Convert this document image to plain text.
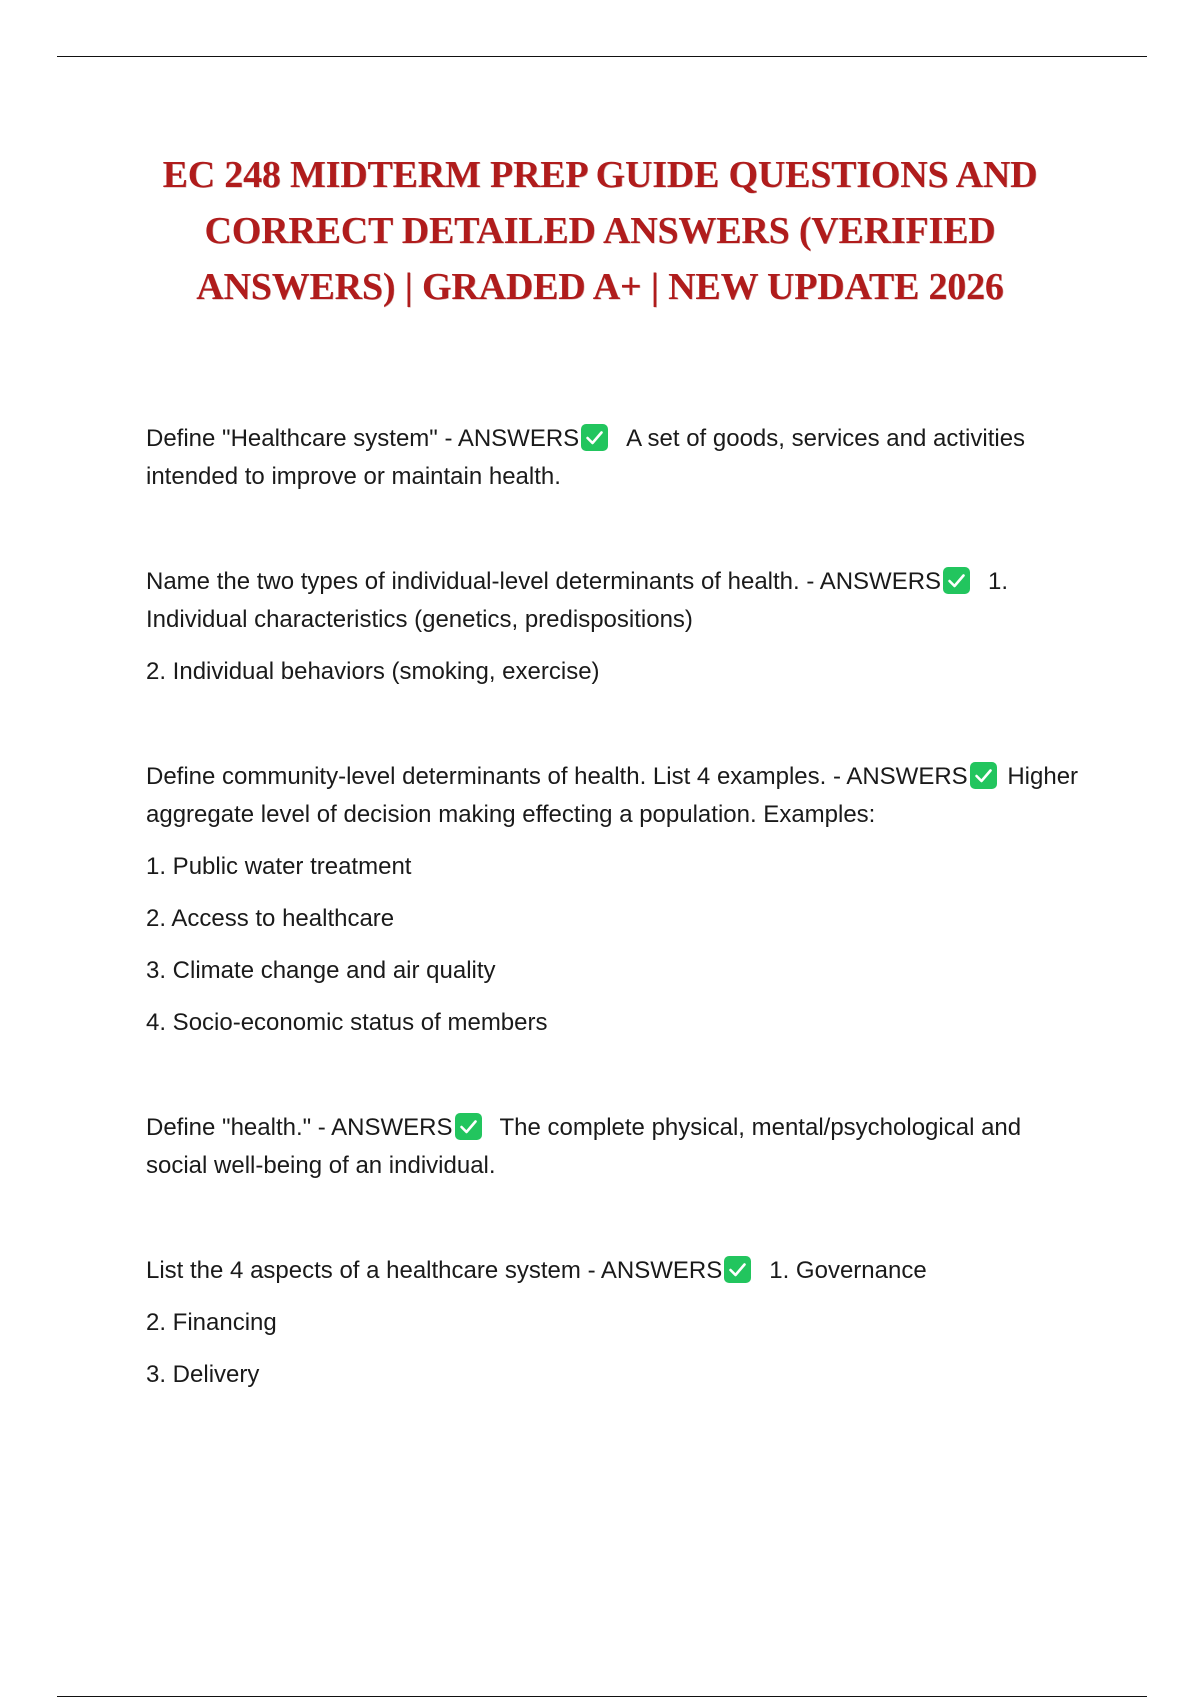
EC 248 MIDTERM PREP GUIDE QUESTIONS AND CORRECT DETAILED ANSWERS (VERIFIED ANSWERS) | GRADED A+ | NEW UPDATE 2026

Define "Healthcare system" - ANSWERS A set of goods, services and activities intended to improve or maintain health.

Name the two types of individual-level determinants of health. - ANSWERS 1. Individual characteristics (genetics, predispositions)

2. Individual behaviors (smoking, exercise)

Define community-level determinants of health. List 4 examples. - ANSWERS Higher aggregate level of decision making effecting a population. Examples:

1. Public water treatment

2. Access to healthcare

3. Climate change and air quality

4. Socio-economic status of members

Define "health." - ANSWERS The complete physical, mental/psychological and social well-being of an individual.

List the 4 aspects of a healthcare system - ANSWERS 1. Governance

2. Financing

3. Delivery
